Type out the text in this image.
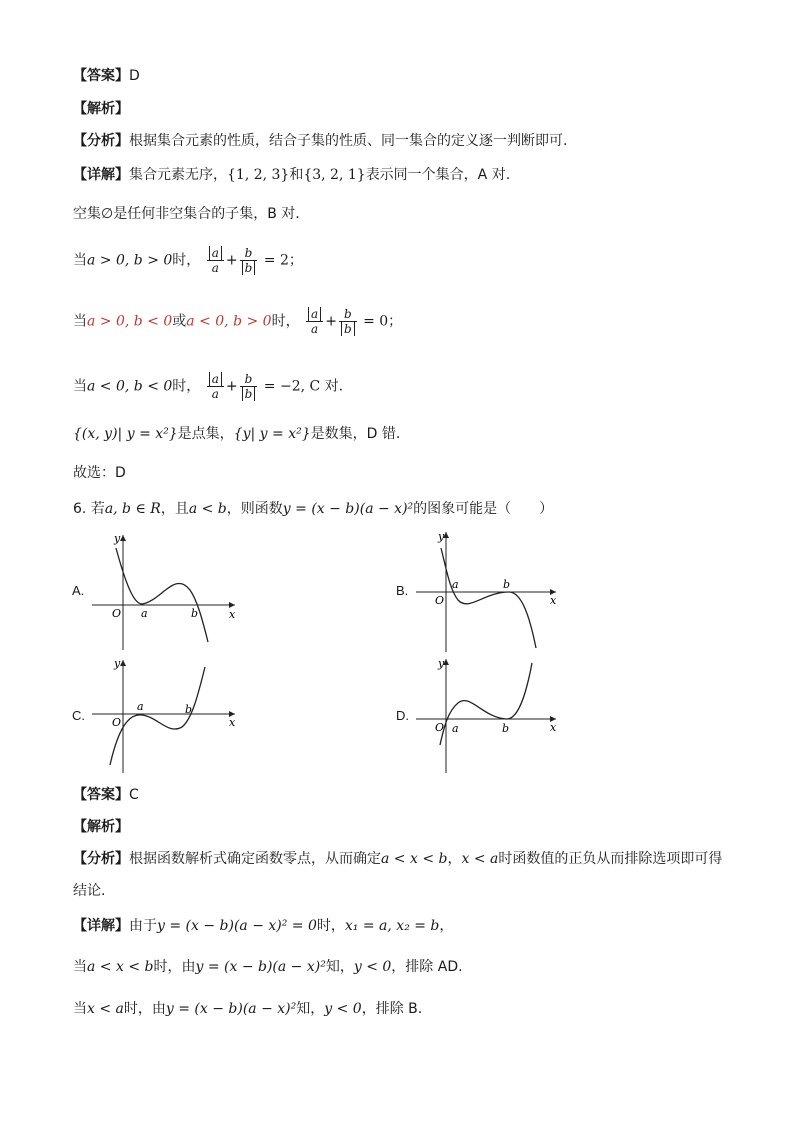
【答案】D
【解析】
【分析】根据集合元素的性质，结合子集的性质、同一集合的定义逐一判断即可.
【详解】集合元素无序，{1, 2, 3}和{3, 2, 1}表示同一个集合，A 对.
空集∅是任何非空集合的子集，B 对.
当a > 0, b > 0时， $\frac{a}{a} + \frac{b}{b} = 2$；
当a > 0, b < 0或a < 0, b > 0时， $\frac{a}{a} + \frac{b}{b} = 0$；
当a < 0, b < 0时， $\frac{a}{a} + \frac{b}{b} = -2$, C 对.
{(x, y)| y = x²}是点集，{y| y = x²}是数集，D 错.
故选：D
6. 若a, b ∈ R，且a < b，则函数y = (x − b)(a − x)²的图象可能是（　　）
A.
y
x
O a	b
B.
y
x
O
a	b
C.
y
x
O
a	b	D.
y
x
O a	b
【答案】C
【解析】
【分析】根据函数解析式确定函数零点，从而确定a < x < b，x < a时函数值的正负从而排除选项即可得
结论.
【详解】由于y = (x − b)(a − x)² = 0时，x₁ = a, x₂ = b，
当a < x < b时，由y = (x − b)(a − x)²知，y < 0，排除 AD.
当x < a时，由y = (x − b)(a − x)²知，y < 0，排除 B.
